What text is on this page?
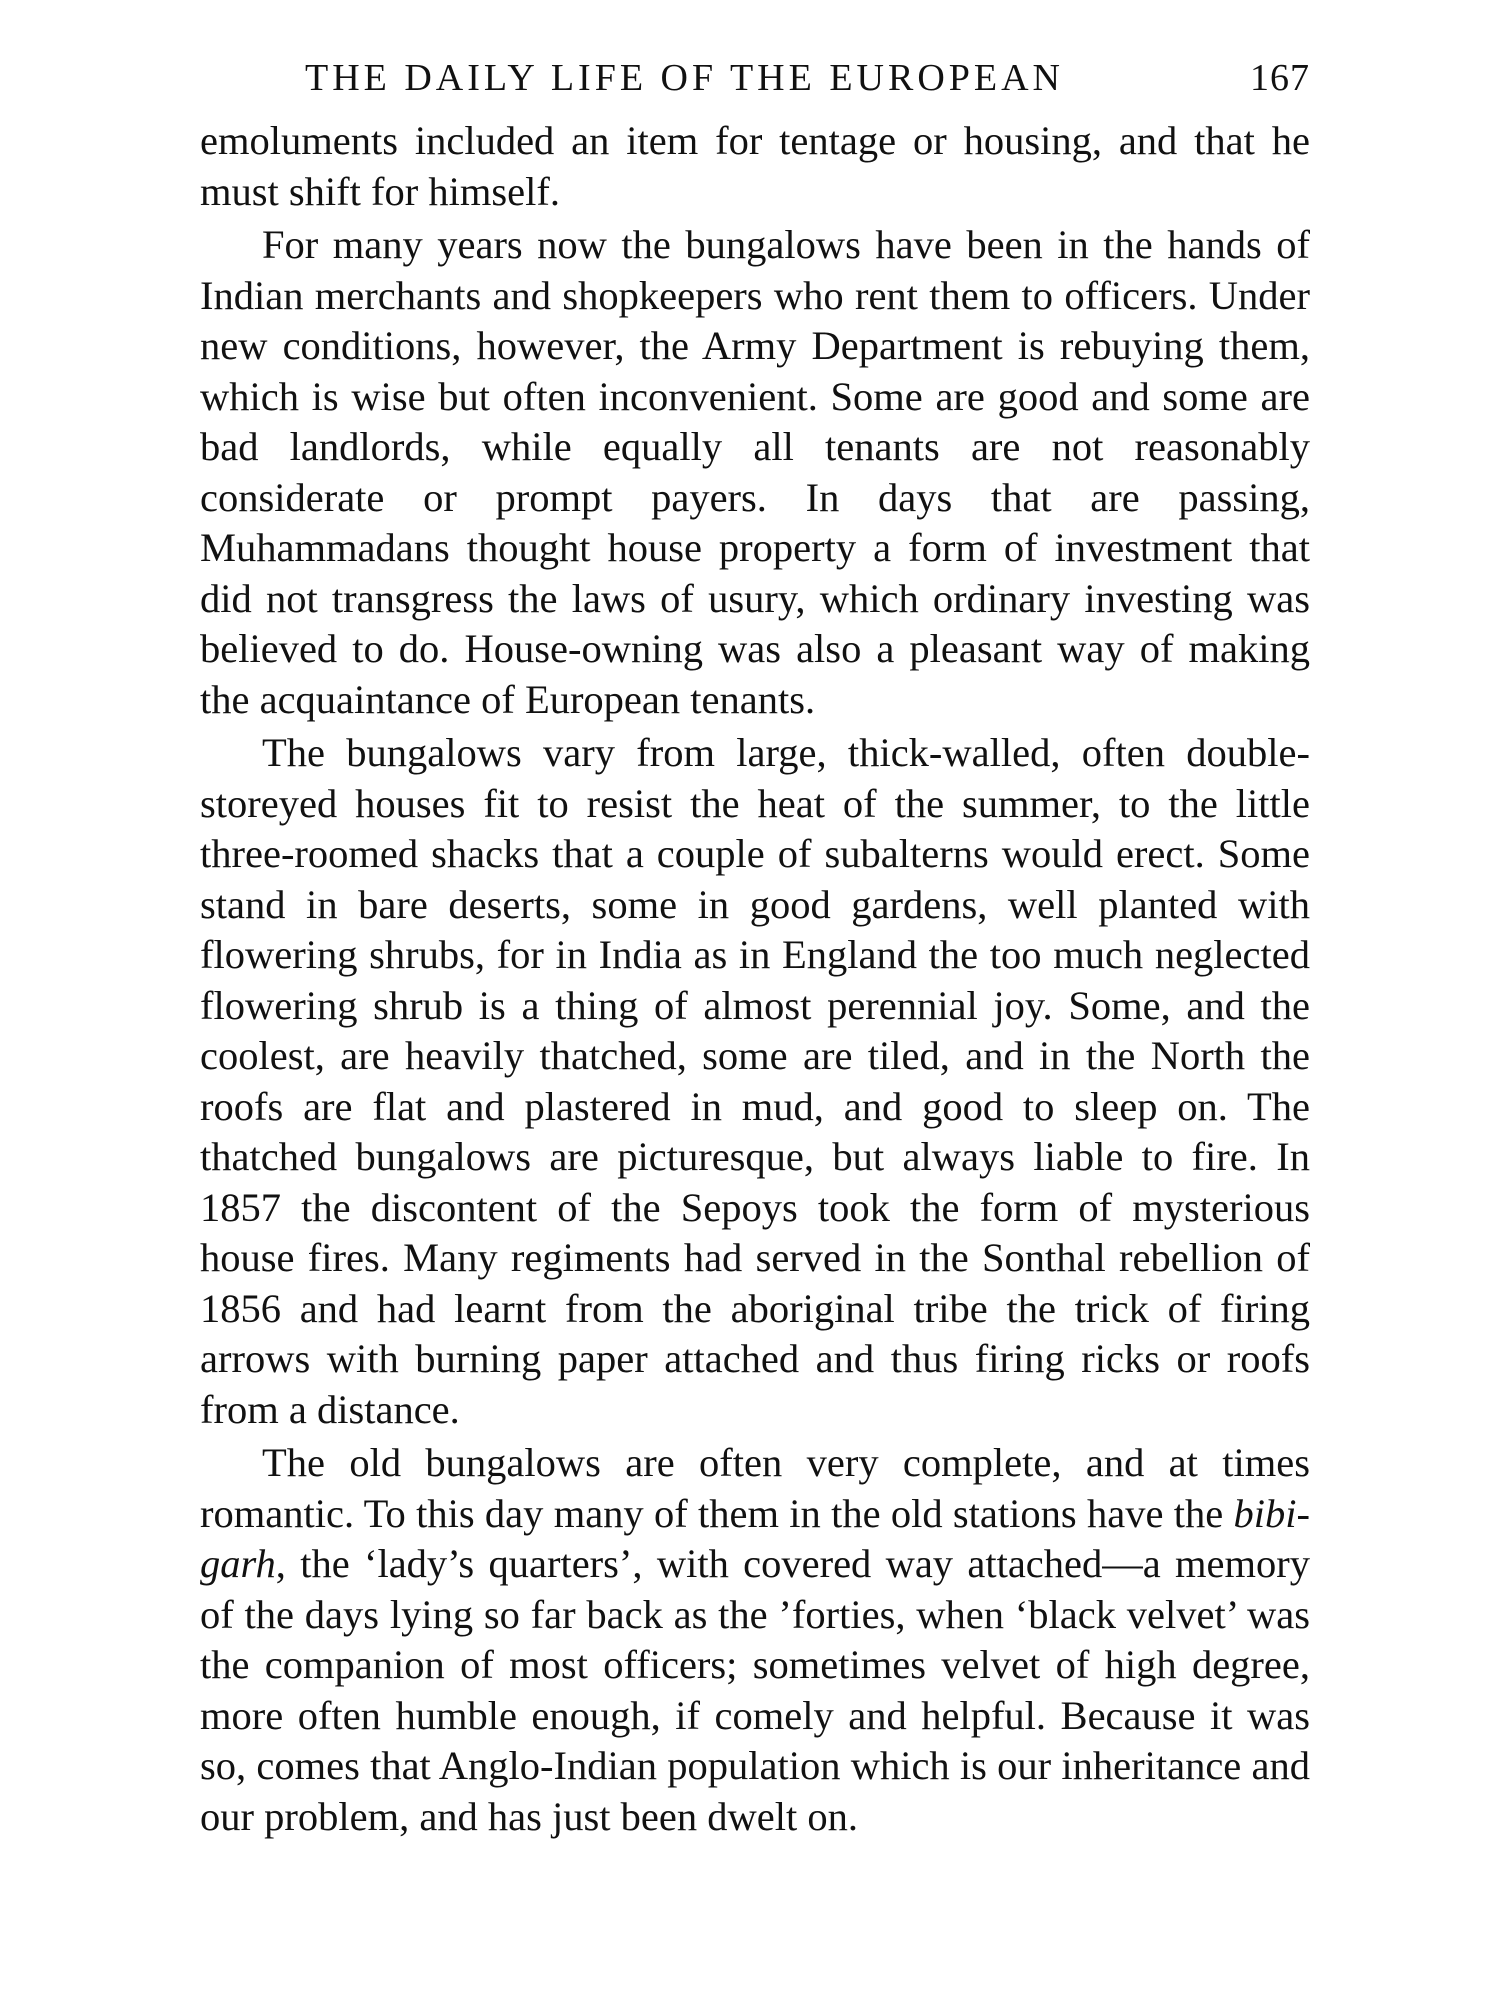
THE DAILY LIFE OF THE EUROPEAN	167

emoluments included an item for tentage or housing, and that he must shift for himself.

For many years now the bungalows have been in the hands of Indian merchants and shopkeepers who rent them to officers. Under new conditions, however, the Army Department is rebuying them, which is wise but often inconvenient. Some are good and some are bad landlords, while equally all tenants are not reasonably considerate or prompt payers. In days that are passing, Muhammadans thought house property a form of investment that did not transgress the laws of usury, which ordinary investing was believed to do. House-owning was also a pleasant way of making the acquaintance of European tenants.

The bungalows vary from large, thick-walled, often double-storeyed houses fit to resist the heat of the summer, to the little three-roomed shacks that a couple of subalterns would erect. Some stand in bare deserts, some in good gardens, well planted with flowering shrubs, for in India as in England the too much neglected flowering shrub is a thing of almost perennial joy. Some, and the coolest, are heavily thatched, some are tiled, and in the North the roofs are flat and plastered in mud, and good to sleep on. The thatched bungalows are picturesque, but always liable to fire. In 1857 the discontent of the Sepoys took the form of mysterious house fires. Many regiments had served in the Sonthal rebellion of 1856 and had learnt from the aboriginal tribe the trick of firing arrows with burning paper attached and thus firing ricks or roofs from a distance.

The old bungalows are often very complete, and at times romantic. To this day many of them in the old stations have the bibi-garh, the ‘lady’s quarters’, with covered way attached—a memory of the days lying so far back as the ’forties, when ‘black velvet’ was the companion of most officers; sometimes velvet of high degree, more often humble enough, if comely and helpful. Because it was so, comes that Anglo-Indian population which is our inheritance and our problem, and has just been dwelt on.
